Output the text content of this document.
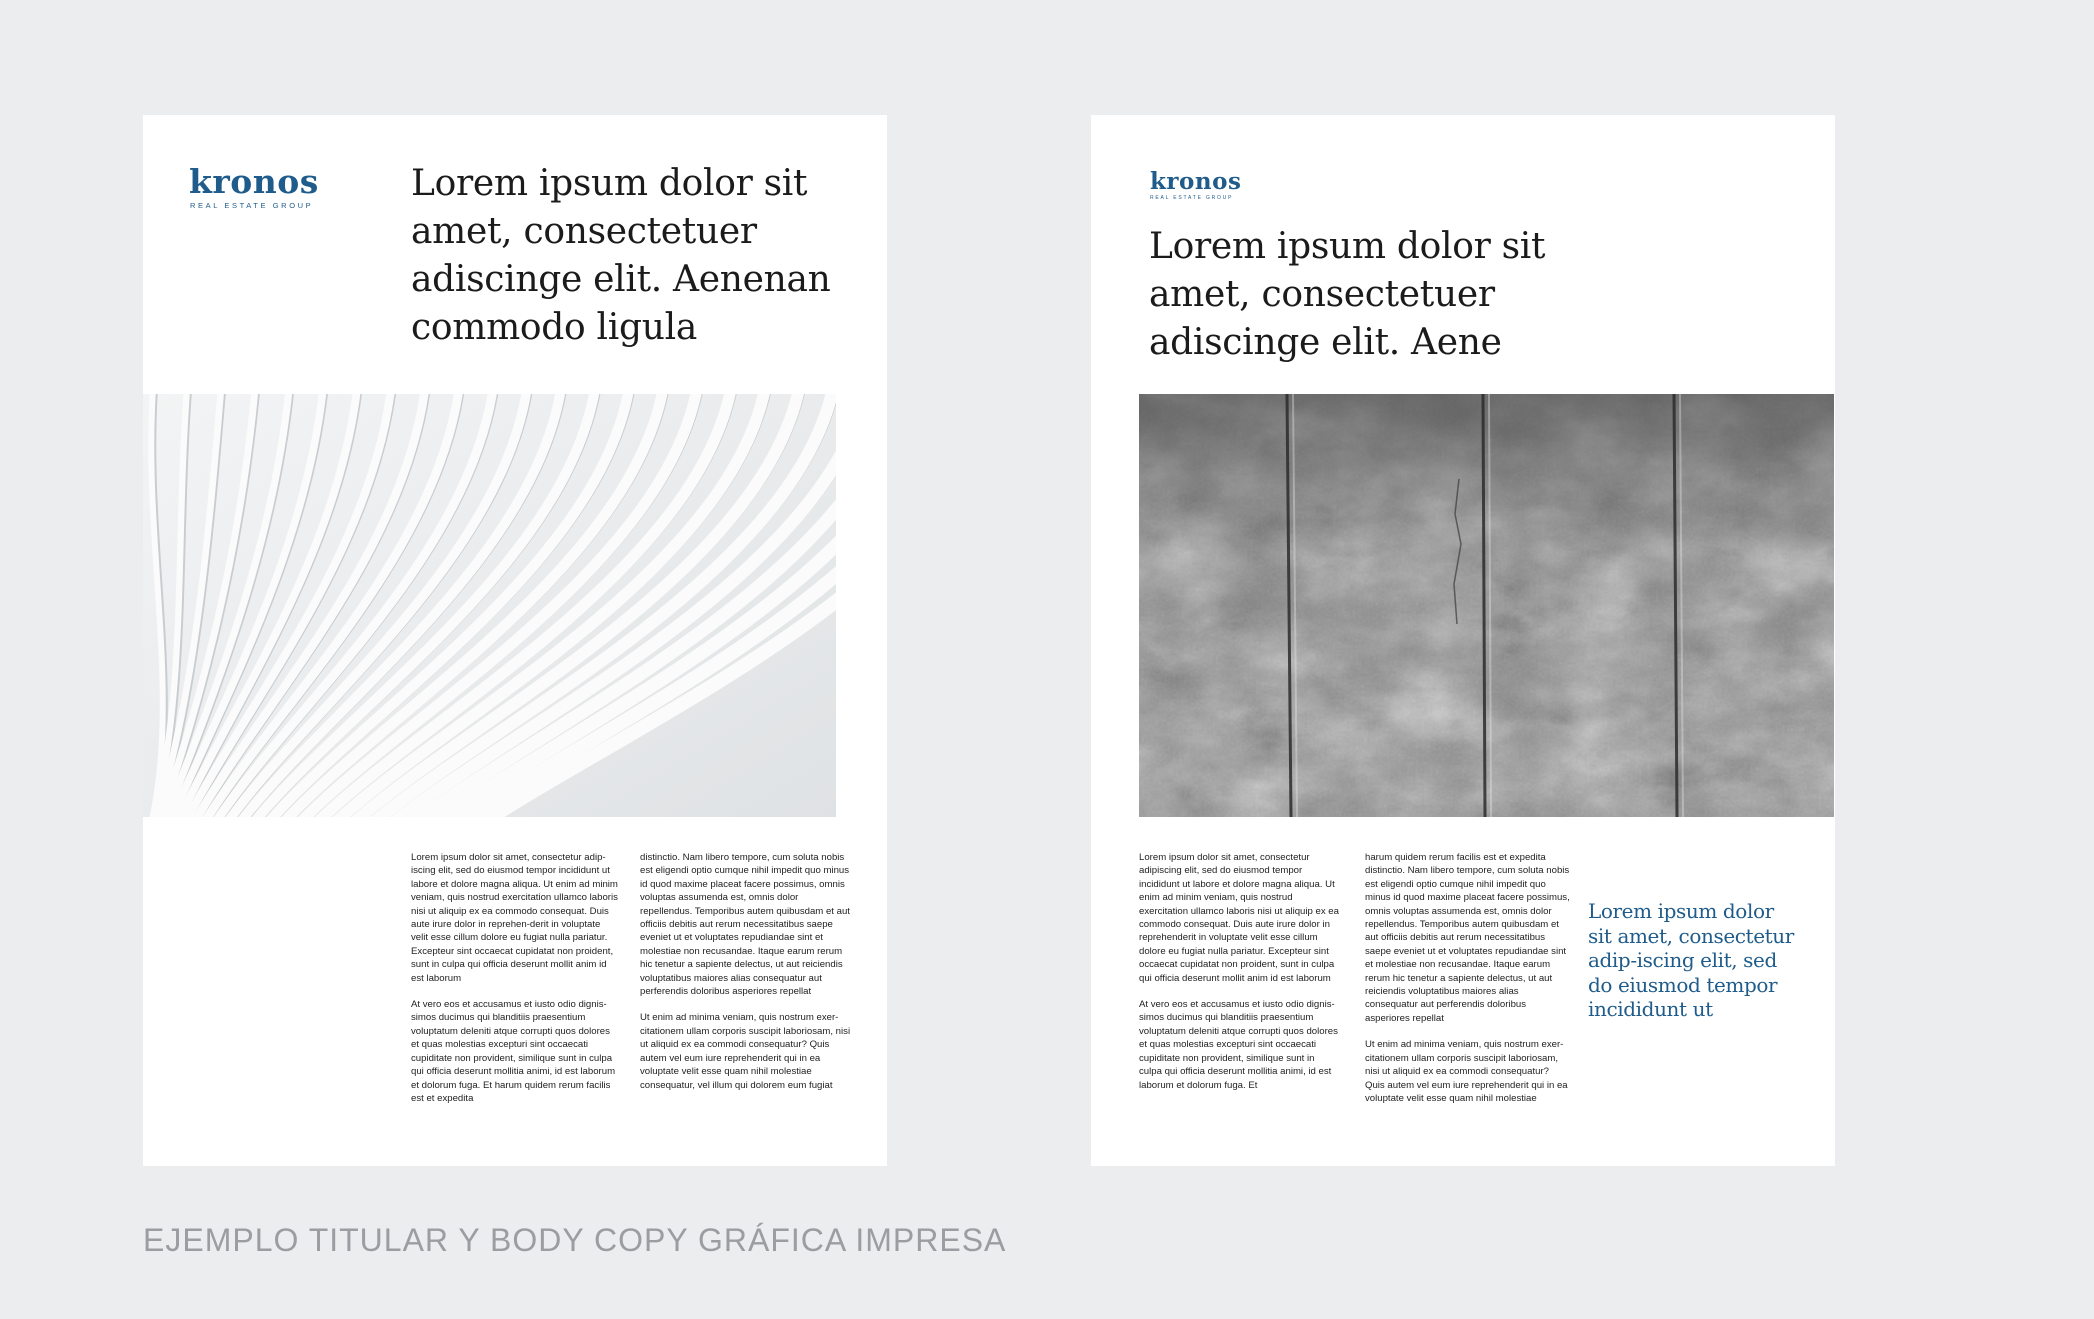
kronos
REAL ESTATE GROUP
Lorem ipsum dolor sit amet, consectetuer adiscinge elit. Aenenan commodo ligula

Lorem ipsum dolor sit amet, consectetur adip-iscing elit, sed do eiusmod tempor incididunt ut labore et dolore magna aliqua. Ut enim ad minim veniam, quis nostrud exercitation ullamco laboris nisi ut aliquip ex ea commodo consequat. Duis aute irure dolor in reprehen-derit in voluptate velit esse cillum dolore eu fugiat nulla pariatur. Excepteur sint occaecat cupidatat non proident, sunt in culpa qui officia deserunt mollit anim id est laborum

At vero eos et accusamus et iusto odio dignis-simos ducimus qui blanditiis praesentium voluptatum deleniti atque corrupti quos dolores et quas molestias excepturi sint occaecati cupiditate non provident, similique sunt in culpa qui officia deserunt mollitia animi, id est laborum et dolorum fuga. Et harum quidem rerum facilis est et expedita

distinctio. Nam libero tempore, cum soluta nobis est eligendi optio cumque nihil impedit quo minus id quod maxime placeat facere possimus, omnis voluptas assumenda est, omnis dolor repellendus. Temporibus autem quibusdam et aut officiis debitis aut rerum necessitatibus saepe eveniet ut et voluptates repudiandae sint et molestiae non recusandae. Itaque earum rerum hic tenetur a sapiente delectus, ut aut reiciendis voluptatibus maiores alias consequatur aut perferendis doloribus asperiores repellat

Ut enim ad minima veniam, quis nostrum exer-citationem ullam corporis suscipit laboriosam, nisi ut aliquid ex ea commodi consequatur? Quis autem vel eum iure reprehenderit qui in ea voluptate velit esse quam nihil molestiae consequatur, vel illum qui dolorem eum fugiat

kronos
REAL ESTATE GROUP
Lorem ipsum dolor sit amet, consectetuer adiscinge elit. Aene

Lorem ipsum dolor sit amet, consectetur adipiscing elit, sed do eiusmod tempor incididunt ut labore et dolore magna aliqua. Ut enim ad minim veniam, quis nostrud exercitation ullamco laboris nisi ut aliquip ex ea commodo consequat. Duis aute irure dolor in reprehenderit in voluptate velit esse cillum dolore eu fugiat nulla pariatur. Excepteur sint occaecat cupidatat non proident, sunt in culpa qui officia deserunt mollit anim id est laborum

At vero eos et accusamus et iusto odio dignis-simos ducimus qui blanditiis praesentium voluptatum deleniti atque corrupti quos dolores et quas molestias excepturi sint occaecati cupiditate non provident, similique sunt in culpa qui officia deserunt mollitia animi, id est laborum et dolorum fuga. Et

harum quidem rerum facilis est et expedita distinctio. Nam libero tempore, cum soluta nobis est eligendi optio cumque nihil impedit quo minus id quod maxime placeat facere possimus, omnis voluptas assumenda est, omnis dolor repellendus. Temporibus autem quibusdam et aut officiis debitis aut rerum necessitatibus saepe eveniet ut et voluptates repudiandae sint et molestiae non recusandae. Itaque earum rerum hic tenetur a sapiente delectus, ut aut reiciendis voluptatibus maiores alias consequatur aut perferendis doloribus asperiores repellat

Ut enim ad minima veniam, quis nostrum exer-citationem ullam corporis suscipit laboriosam, nisi ut aliquid ex ea commodi consequatur? Quis autem vel eum iure reprehenderit qui in ea voluptate velit esse quam nihil molestiae

Lorem ipsum dolor sit amet, consectetur adip-iscing elit, sed do eiusmod tempor incididunt ut

EJEMPLO TITULAR Y BODY COPY GRÁFICA IMPRESA
